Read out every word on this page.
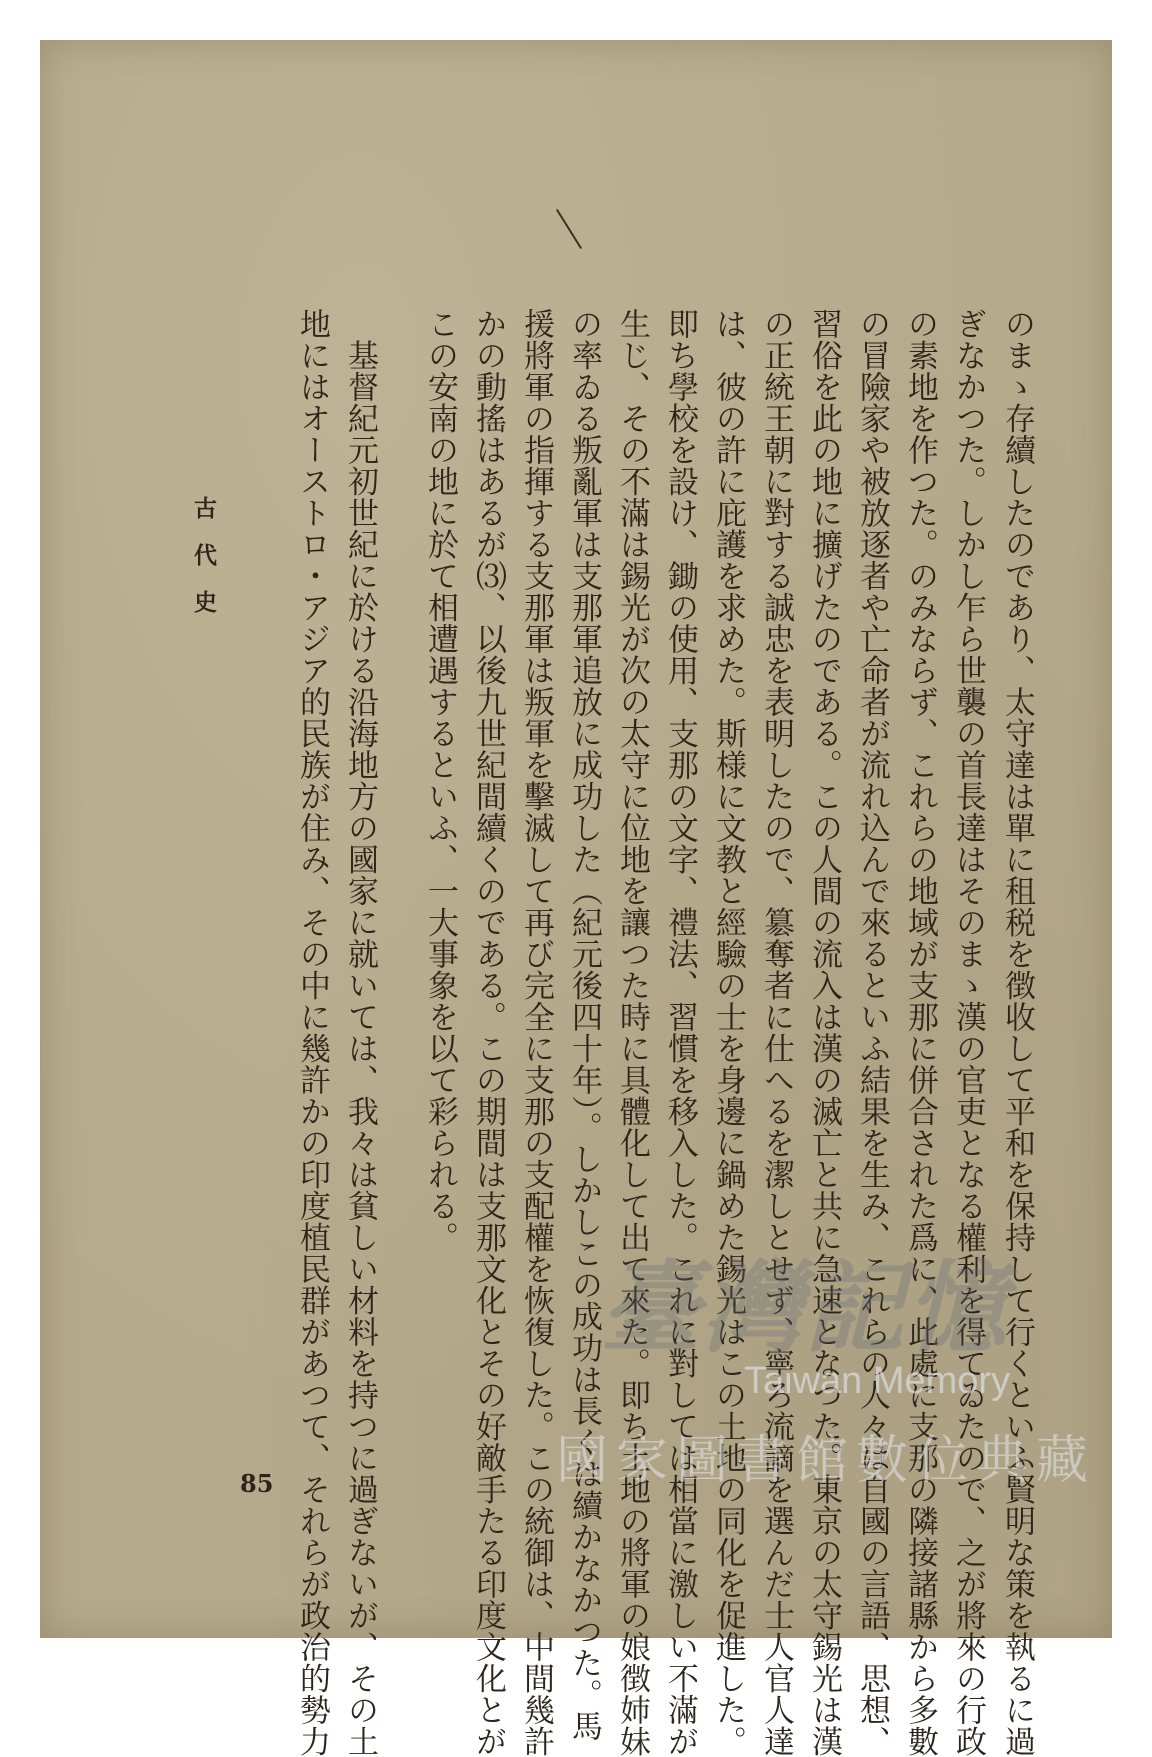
のまゝ存續したのであり、太守達は單に租税を徴收して平和を保持して行くといふ賢明な策を執るに過
ぎなかつた。しかし乍ら世襲の首長達はそのまゝ漢の官吏となる權利を得てゐたので、之が將來の行政
の素地を作つた。のみならず、これらの地域が支那に併合された爲に、此處に支那の隣接諸縣から多數
の冒險家や被放逐者や亡命者が流れ込んで來るといふ結果を生み、これらの人々は自國の言語、思想、
習俗を此の地に擴げたのである。この人間の流入は漢の滅亡と共に急速となつた。東京の太守錫光は漢
の正統王朝に對する誠忠を表明したので、簒奪者に仕へるを潔しとせず、寧ろ流謫を選んだ士人官人達
は、彼の許に庇護を求めた。斯様に文教と經驗の士を身邊に鍋めた錫光はこの土地の同化を促進した。
即ち學校を設け、鋤の使用、支那の文字、禮法、習慣を移入した。これに對しては相當に激しい不滿が
生じ、その不滿は錫光が次の太守に位地を讓つた時に具體化して出て來た。即ち土地の將軍の娘徴姉妹
の率ゐる叛亂軍は支那軍追放に成功した（紀元後四十年）。しかしこの成功は長くは續かなかつた。馬
援將軍の指揮する支那軍は叛軍を擊滅して再び完全に支那の支配權を恢復した。この統御は、中間幾許
かの動搖はあるが⑶、以後九世紀間續くのである。この期間は支那文化とその好敵手たる印度文化とが
この安南の地に於て相遭遇するといふ、一大事象を以て彩られる。
　基督紀元初世紀に於ける沿海地方の國家に就いては、我々は貧しい材料を持つに過ぎないが、その土
地にはオーストロ・アジア的民族が住み、その中に幾許かの印度植民群があつて、それらが政治的勢力
古代史
85
臺灣記憶
Taiwan Memory
國家圖書館數位典藏
